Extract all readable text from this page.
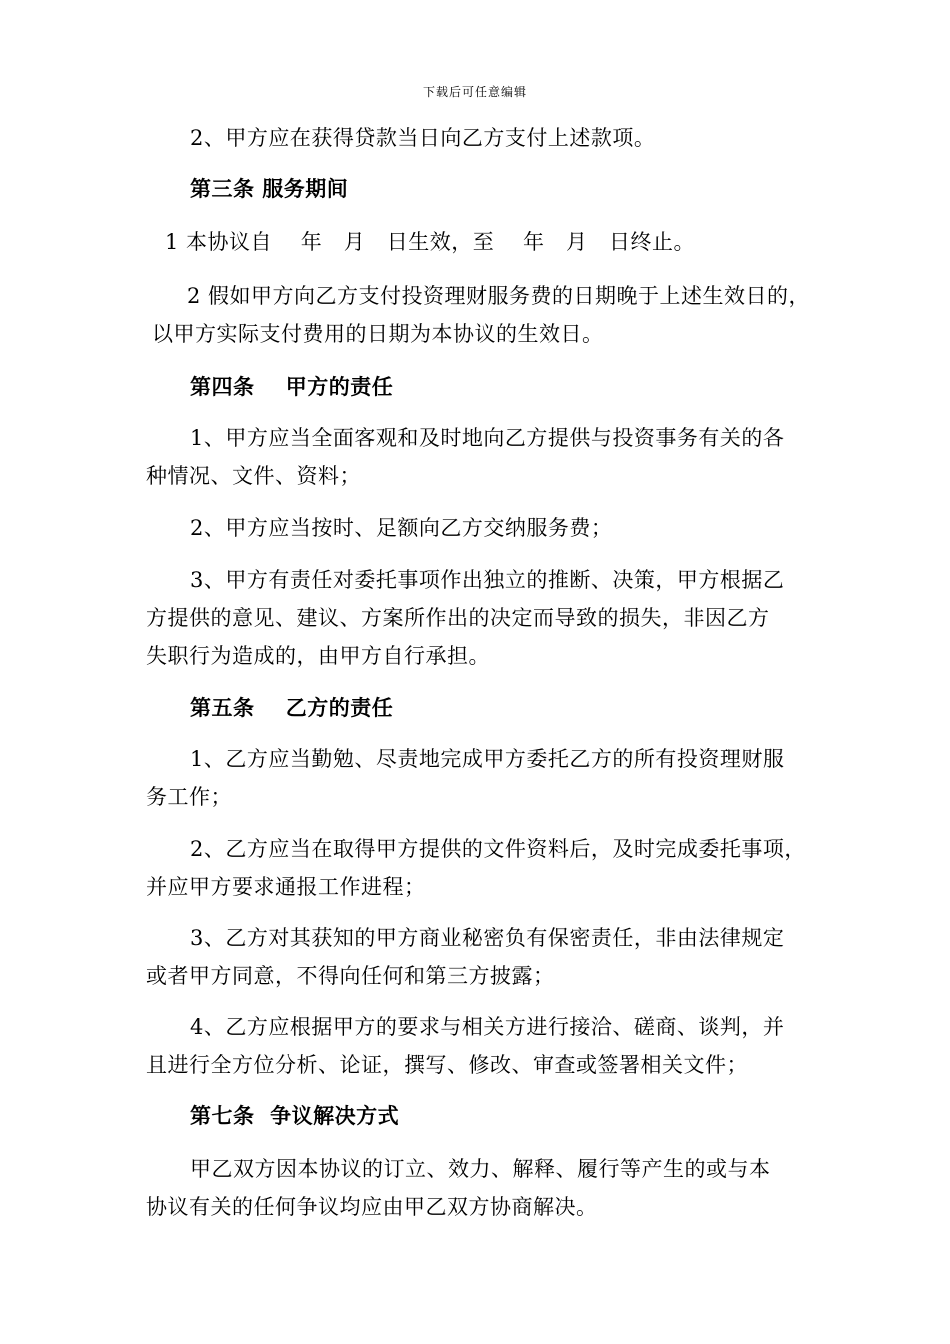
下载后可任意编辑
2、甲方应在获得贷款当日向乙方支付上述款项。
第三条 服务期间
1 本协议自    年   月   日生效，至    年   月   日终止。
2 假如甲方向乙方支付投资理财服务费的日期晚于上述生效日的，
以甲方实际支付费用的日期为本协议的生效日。
第四条    甲方的责任
1、甲方应当全面客观和及时地向乙方提供与投资事务有关的各
种情况、文件、资料；
2、甲方应当按时、足额向乙方交纳服务费；
3、甲方有责任对委托事项作出独立的推断、决策，甲方根据乙
方提供的意见、建议、方案所作出的决定而导致的损失，非因乙方
失职行为造成的，由甲方自行承担。
第五条    乙方的责任
1、乙方应当勤勉、尽责地完成甲方委托乙方的所有投资理财服
务工作；
2、乙方应当在取得甲方提供的文件资料后，及时完成委托事项，
并应甲方要求通报工作进程；
3、乙方对其获知的甲方商业秘密负有保密责任，非由法律规定
或者甲方同意，不得向任何和第三方披露；
4、乙方应根据甲方的要求与相关方进行接洽、磋商、谈判，并
且进行全方位分析、论证，撰写、修改、审查或签署相关文件；
第七条  争议解决方式
甲乙双方因本协议的订立、效力、解释、履行等产生的或与本
协议有关的任何争议均应由甲乙双方协商解决。
